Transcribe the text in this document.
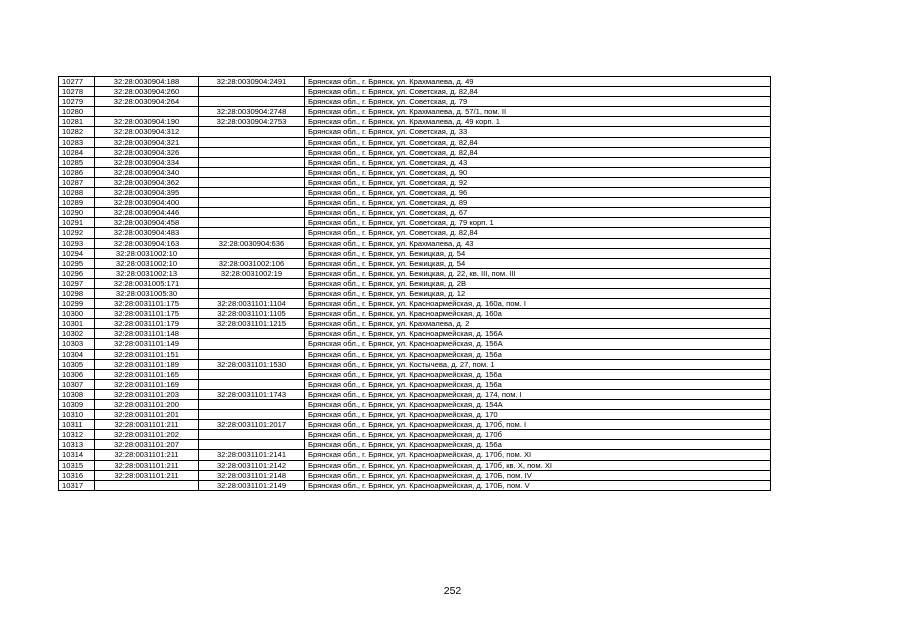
10277	32:28:0030904:188	32:28:0030904:2491	Брянская обл., г. Брянск, ул. Крахмалева, д. 49
10278	32:28:0030904:260		Брянская обл., г. Брянск, ул. Советская, д. 82,84
10279	32:28:0030904:264		Брянская обл., г. Брянск, ул. Советская, д. 79
10280		32:28:0030904:2748	Брянская обл., г. Брянск, ул. Крахмалева, д. 57/1, пом. II
10281	32:28:0030904:190	32:28:0030904:2753	Брянская обл., г. Брянск, ул. Крахмалева, д. 49 корп. 1
10282	32:28:0030904:312		Брянская обл., г. Брянск, ул. Советская, д. 33
10283	32:28:0030904:321		Брянская обл., г. Брянск, ул. Советская, д. 82,84
10284	32:28:0030904:326		Брянская обл., г. Брянск, ул. Советская, д. 82,84
10285	32:28:0030904:334		Брянская обл., г. Брянск, ул. Советская, д. 43
10286	32:28:0030904:340		Брянская обл., г. Брянск, ул. Советская, д. 90
10287	32:28:0030904:362		Брянская обл., г. Брянск, ул. Советская, д. 92
10288	32:28:0030904:395		Брянская обл., г. Брянск, ул. Советская, д. 96
10289	32:28:0030904:400		Брянская обл., г. Брянск, ул. Советская, д. 89
10290	32:28:0030904:446		Брянская обл., г. Брянск, ул. Советская, д. 67
10291	32:28:0030904:458		Брянская обл., г. Брянск, ул. Советская, д. 79 корп. 1
10292	32:28:0030904:483		Брянская обл., г. Брянск, ул. Советская, д. 82,84
10293	32:28:0030904:163	32:28:0030904:636	Брянская обл., г. Брянск, ул. Крахмалева, д. 43
10294	32:28:0031002:10		Брянская обл., г. Брянск, ул. Бежицкая, д. 54
10295	32:28:0031002:10	32:28:0031002:106	Брянская обл., г. Брянск, ул. Бежицкая, д. 54
10296	32:28:0031002:13	32:28:0031002:19	Брянская обл., г. Брянск, ул. Бежицкая, д. 22, кв. III, пом. III
10297	32:28:0031005:171		Брянская обл., г. Брянск, ул. Бежицкая, д. 2В
10298	32:28:0031005:30		Брянская обл., г. Брянск, ул. Бежицкая, д. 12
10299	32:28:0031101:175	32:28:0031101:1104	Брянская обл., г. Брянск, ул. Красноармейская, д. 160а, пом. I
10300	32:28:0031101:175	32:28:0031101:1105	Брянская обл., г. Брянск, ул. Красноармейская, д. 160а
10301	32:28:0031101:179	32:28:0031101:1215	Брянская обл., г. Брянск, ул. Крахмалева, д. 2
10302	32:28:0031101:148		Брянская обл., г. Брянск, ул. Красноармейская, д. 156А
10303	32:28:0031101:149		Брянская обл., г. Брянск, ул. Красноармейская, д. 156А
10304	32:28:0031101:151		Брянская обл., г. Брянск, ул. Красноармейская, д. 156а
10305	32:28:0031101:189	32:28:0031101:1530	Брянская обл., г. Брянск, ул. Костычева, д. 27, пом. 1
10306	32:28:0031101:165		Брянская обл., г. Брянск, ул. Красноармейская, д. 156а
10307	32:28:0031101:169		Брянская обл., г. Брянск, ул. Красноармейская, д. 156а
10308	32:28:0031101:203	32:28:0031101:1743	Брянская обл., г. Брянск, ул. Красноармейская, д. 174, пом. I
10309	32:28:0031101:200		Брянская обл., г. Брянск, ул. Красноармейская, д. 154А
10310	32:28:0031101:201		Брянская обл., г. Брянск, ул. Красноармейская, д. 170
10311	32:28:0031101:211	32:28:0031101:2017	Брянская обл., г. Брянск, ул. Красноармейская, д. 170б, пом. I
10312	32:28:0031101:202		Брянская обл., г. Брянск, ул. Красноармейская, д. 170б
10313	32:28:0031101:207		Брянская обл., г. Брянск, ул. Красноармейская, д. 156а
10314	32:28:0031101:211	32:28:0031101:2141	Брянская обл., г. Брянск, ул. Красноармейская, д. 170б, пом. XI
10315	32:28:0031101:211	32:28:0031101:2142	Брянская обл., г. Брянск, ул. Красноармейская, д. 170б, кв. X, пом. XI
10316	32:28:0031101:211	32:28:0031101:2148	Брянская обл., г. Брянск, ул. Красноармейская, д. 170Б, пом. IV
10317		32:28:0031101:2149	Брянская обл., г. Брянск, ул. Красноармейская, д. 170Б, пом. V
252
